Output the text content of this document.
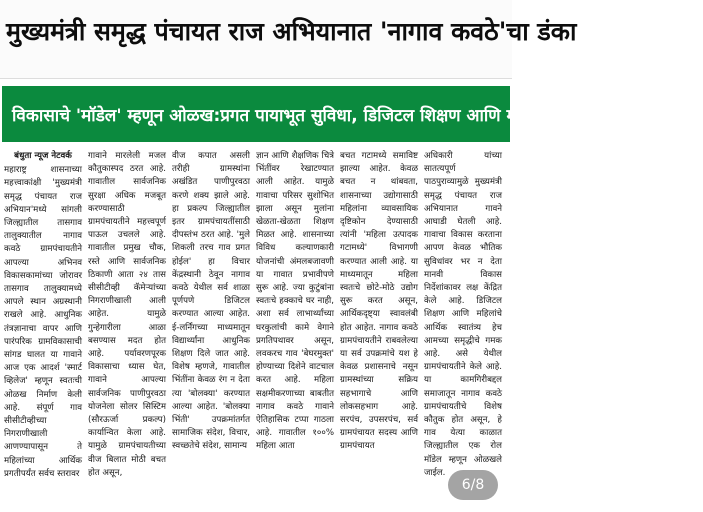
मुख्यमंत्री समृद्ध पंचायत राज अभियानात 'नागाव कवठे'चा डंका
विकासाचे 'मॉडेल' म्हणून ओळख:प्रगत पायाभूत सुविधा, डिजिटल शिक्षण आणि महिला सक्षमीकरणावर दिला भर
बंधुता न्यूज नेटवर्क
महाराष्ट्र शासनाच्या महत्त्वाकांक्षी 'मुख्यमंत्री समृद्ध पंचायत राज अभियान'मध्ये सांगली जिल्ह्यातील तासगाव तालुक्यातील नागाव कवठे ग्रामपंचायतीने आपल्या अभिनव विकासकामांच्या जोरावर तासगाव तालुक्यामध्ये आपले स्थान अग्रस्थानी राखले आहे. आधुनिक तंत्रज्ञानाचा वापर आणि पारंपरिक ग्रामविकासाची सांगड घालत या गावाने आज एक आदर्श 'स्मार्ट व्हिलेज' म्हणून स्वतःची ओळख निर्माण केली आहे. संपूर्ण गाव सीसीटीव्हीच्या निगराणीखाली आणण्यापासून ते महिलांच्या आर्थिक प्रगतीपर्यंत सर्वच स्तरावर
गावाने मारलेली मजल कौतुकास्पद ठरत आहे. गावातील सार्वजनिक सुरक्षा अधिक मजबूत करण्यासाठी ग्रामपंचायतीने महत्त्वपूर्ण पाऊल उचलले आहे. गावातील प्रमुख चौक, रस्ते आणि सार्वजनिक ठिकाणी आता २४ तास सीसीटीव्ही कॅमेऱ्यांच्या निगराणीखाली आली आहेत. यामुळे गुन्हेगारीला आळा बसण्यास मदत होत आहे. पर्यावरणपूरक विकासाचा ध्यास घेत, गावाने आपल्या सार्वजनिक पाणीपुरवठा योजनेला सोलर सिस्टिम (सौरऊर्जा प्रकल्प) कार्यान्वित केला आहे. यामुळे ग्रामपंचायतीच्या वीज बिलात मोठी बचत होत असून,
वीज कपात असली तरीही ग्रामस्थांना अखंडित पाणीपुरवठा करणे शक्य झाले आहे. हा प्रकल्प जिल्ह्यातील इतर ग्रामपंचायतींसाठी दीपस्तंभ ठरत आहे. 'मुले शिकली तरच गाव प्रगत होईल' हा विचार केंद्रस्थानी ठेवून नागाव कवठे येथील सर्व शाळा पूर्णपणे डिजिटल करण्यात आल्या आहेत. ई-लर्निंगच्या माध्यमातून विद्यार्थ्यांना आधुनिक शिक्षण दिले जात आहे. विशेष म्हणजे, गावातील भिंतींना केवळ रंग न देता त्या 'बोलक्या' करण्यात आल्या आहेत. 'बोलक्या भिंती' उपक्रमांतर्गत सामाजिक संदेश, विचार, स्वच्छतेचे संदेश, सामान्य
ज्ञान आणि शैक्षणिक चित्रे भिंतींवर रेखाटण्यात आली आहेत. यामुळे गावाचा परिसर सुशोभित झाला असून मुलांना खेळता-खेळता शिक्षण मिळत आहे. शासनाच्या विविध कल्याणकारी योजनांची अंमलबजावणी या गावात प्रभावीपणे सुरू आहे. ज्या कुटुंबांना स्वतःचे हक्काचे घर नाही, अशा सर्व लाभार्थ्यांच्या घरकुलांची कामे वेगाने प्रगतिपथावर असून, लवकरच गाव 'बेघरमुक्त' होण्याच्या दिशेने वाटचाल करत आहे. महिला सक्षमीकरणाच्या बाबतीत नागाव कवठे गावाने ऐतिहासिक टप्पा गाठला आहे. गावातील १००% महिला आता
बचत गटामध्ये समाविष्ट झाल्या आहेत. केवळ बचत न थांबवता, शासनाच्या उद्योगासाठी महिलांना व्यावसायिक दृष्टिकोन देण्यासाठी त्यांनी 'महिला उत्पादक गटामध्ये' विभागणी करण्यात आली आहे. या माध्यमातून महिला स्वतःचे छोटे-मोठे उद्योग सुरू करत असून, आर्थिकदृष्ट्या स्वावलंबी होत आहेत. नागाव कवठे ग्रामपंचायतीने राबवलेल्या या सर्व उपक्रमांचे यश हे केवळ प्रशासनाचे नसून ग्रामस्थांच्या सक्रिय सहभागाचे आणि लोकसहभाग आहे. सरपंच, उपसरपंच, सर्व ग्रामपंचायत सदस्य आणि ग्रामपंचायत
अधिकारी यांच्या सातत्यपूर्ण पाठपुराव्यामुळे मुख्यमंत्री समृद्ध पंचायत राज अभियानात गावने आघाडी घेतली आहे. गावाचा विकास करताना आपण केवळ भौतिक सुविधांवर भर न देता मानवी विकास निर्देशांकावर लक्ष केंद्रित केले आहे. डिजिटल शिक्षण आणि महिलांचे आर्थिक स्वातंत्र्य हेच आमच्या समृद्धीचे गमक आहे. असे येथील ग्रामपंचायतीने केले आहे. या कामगिरीबद्दल समाजातून नागाव कवठे ग्रामपंचायतीचे विशेष कौतुक होत असून, हे गाव येत्या काळात जिल्ह्यातील एक रोल मॉडेल म्हणून ओळखले जाईल.
6/8
